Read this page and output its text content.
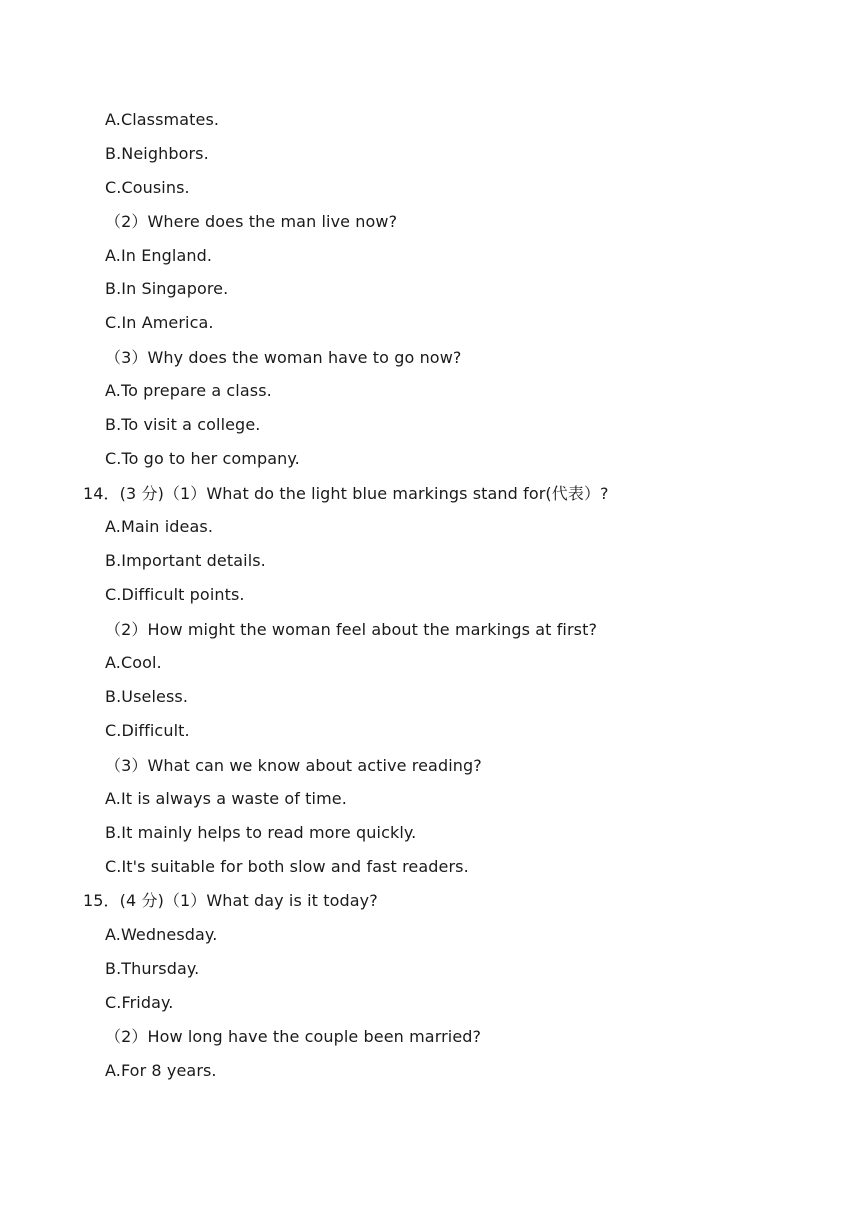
A.Classmates.
B.Neighbors.
C.Cousins.
（2）Where does the man live now?
A.In England.
B.In Singapore.
C.In America.
（3）Why does the woman have to go now?
A.To prepare a class.
B.To visit a college.
C.To go to her company.
14．(3 分)（1）What do the light blue markings stand for(代表）?
A.Main ideas.
B.Important details.
C.Difficult points.
（2）How might the woman feel about the markings at first?
A.Cool.
B.Useless.
C.Difficult.
（3）What can we know about active reading?
A.It is always a waste of time.
B.It mainly helps to read more quickly.
C.It's suitable for both slow and fast readers.
15．(4 分)（1）What day is it today?
A.Wednesday.
B.Thursday.
C.Friday.
（2）How long have the couple been married?
A.For 8 years.
